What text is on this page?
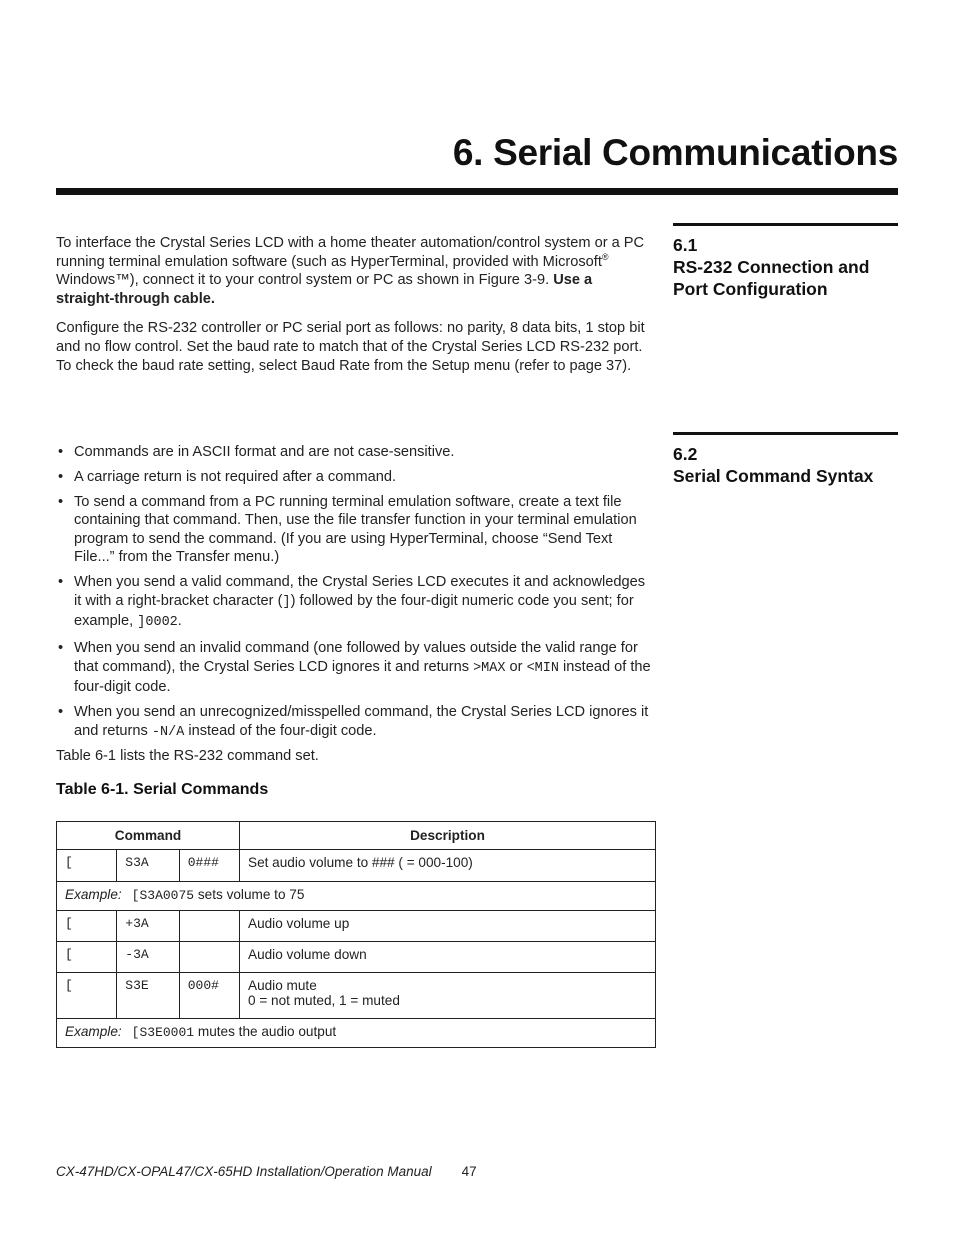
6. Serial Communications
6.1
RS-232 Connection and Port Configuration

To interface the Crystal Series LCD with a home theater automation/control system or a PC running terminal emulation software (such as HyperTerminal, provided with Microsoft® Windows™), connect it to your control system or PC as shown in Figure 3-9. Use a straight-through cable.

Configure the RS-232 controller or PC serial port as follows: no parity, 8 data bits, 1 stop bit and no flow control. Set the baud rate to match that of the Crystal Series LCD RS-232 port. To check the baud rate setting, select Baud Rate from the Setup menu (refer to page 37).

6.2
Serial Command Syntax
• Commands are in ASCII format and are not case-sensitive.
• A carriage return is not required after a command.
• To send a command from a PC running terminal emulation software, create a text file containing that command. Then, use the file transfer function in your terminal emulation program to send the command. (If you are using HyperTerminal, choose “Send Text File...” from the Transfer menu.)
• When you send a valid command, the Crystal Series LCD executes it and acknowledges it with a right-bracket character (]) followed by the four-digit numeric code you sent; for example, ]0002.
• When you send an invalid command (one followed by values outside the valid range for that command), the Crystal Series LCD ignores it and returns >MAX or <MIN instead of the four-digit code.
• When you send an unrecognized/misspelled command, the Crystal Series LCD ignores it and returns -N/A instead of the four-digit code.
Table 6-1 lists the RS-232 command set.
Table 6-1. Serial Commands
Command			Description
[	S3A	0###	Set audio volume to ### ( = 000-100)
Example: [S3A0075 sets volume to 75			
[	+3A		Audio volume up
[	-3A		Audio volume down
[	S3E	000#	Audio mute
0 = not muted, 1 = muted

Example: [S3E0001 mutes the audio output			
CX-47HD/CX-OPAL47/CX-65HD Installation/Operation Manual 47
